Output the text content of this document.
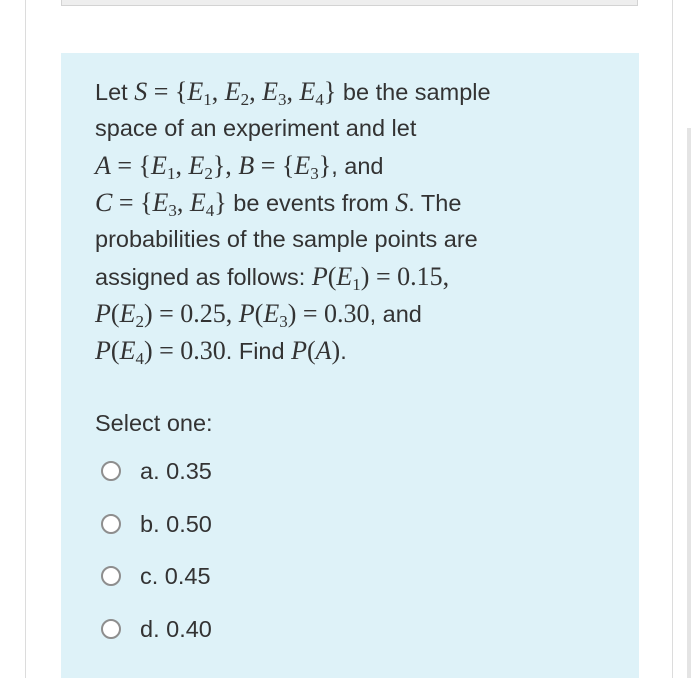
Let $S = \{E_1$, $E_2$, $E_3$, $E_4$} be the sample
space of an experiment and let
$A = \{E_1$, $E_2$}, $B = \{E_3\}$, and
$C = \{E_3$, $E_4$} be events from S. The
probabilities of the sample points are
assigned as follows: $P(E_1) = 0.15$,
$P(E_2) = 0.25$, $P(E_3) = 0.30$, and
$P(E_4) = 0.30$. Find P(A).
Select one:
a. 0.35
b. 0.50
c. 0.45
d. 0.40
